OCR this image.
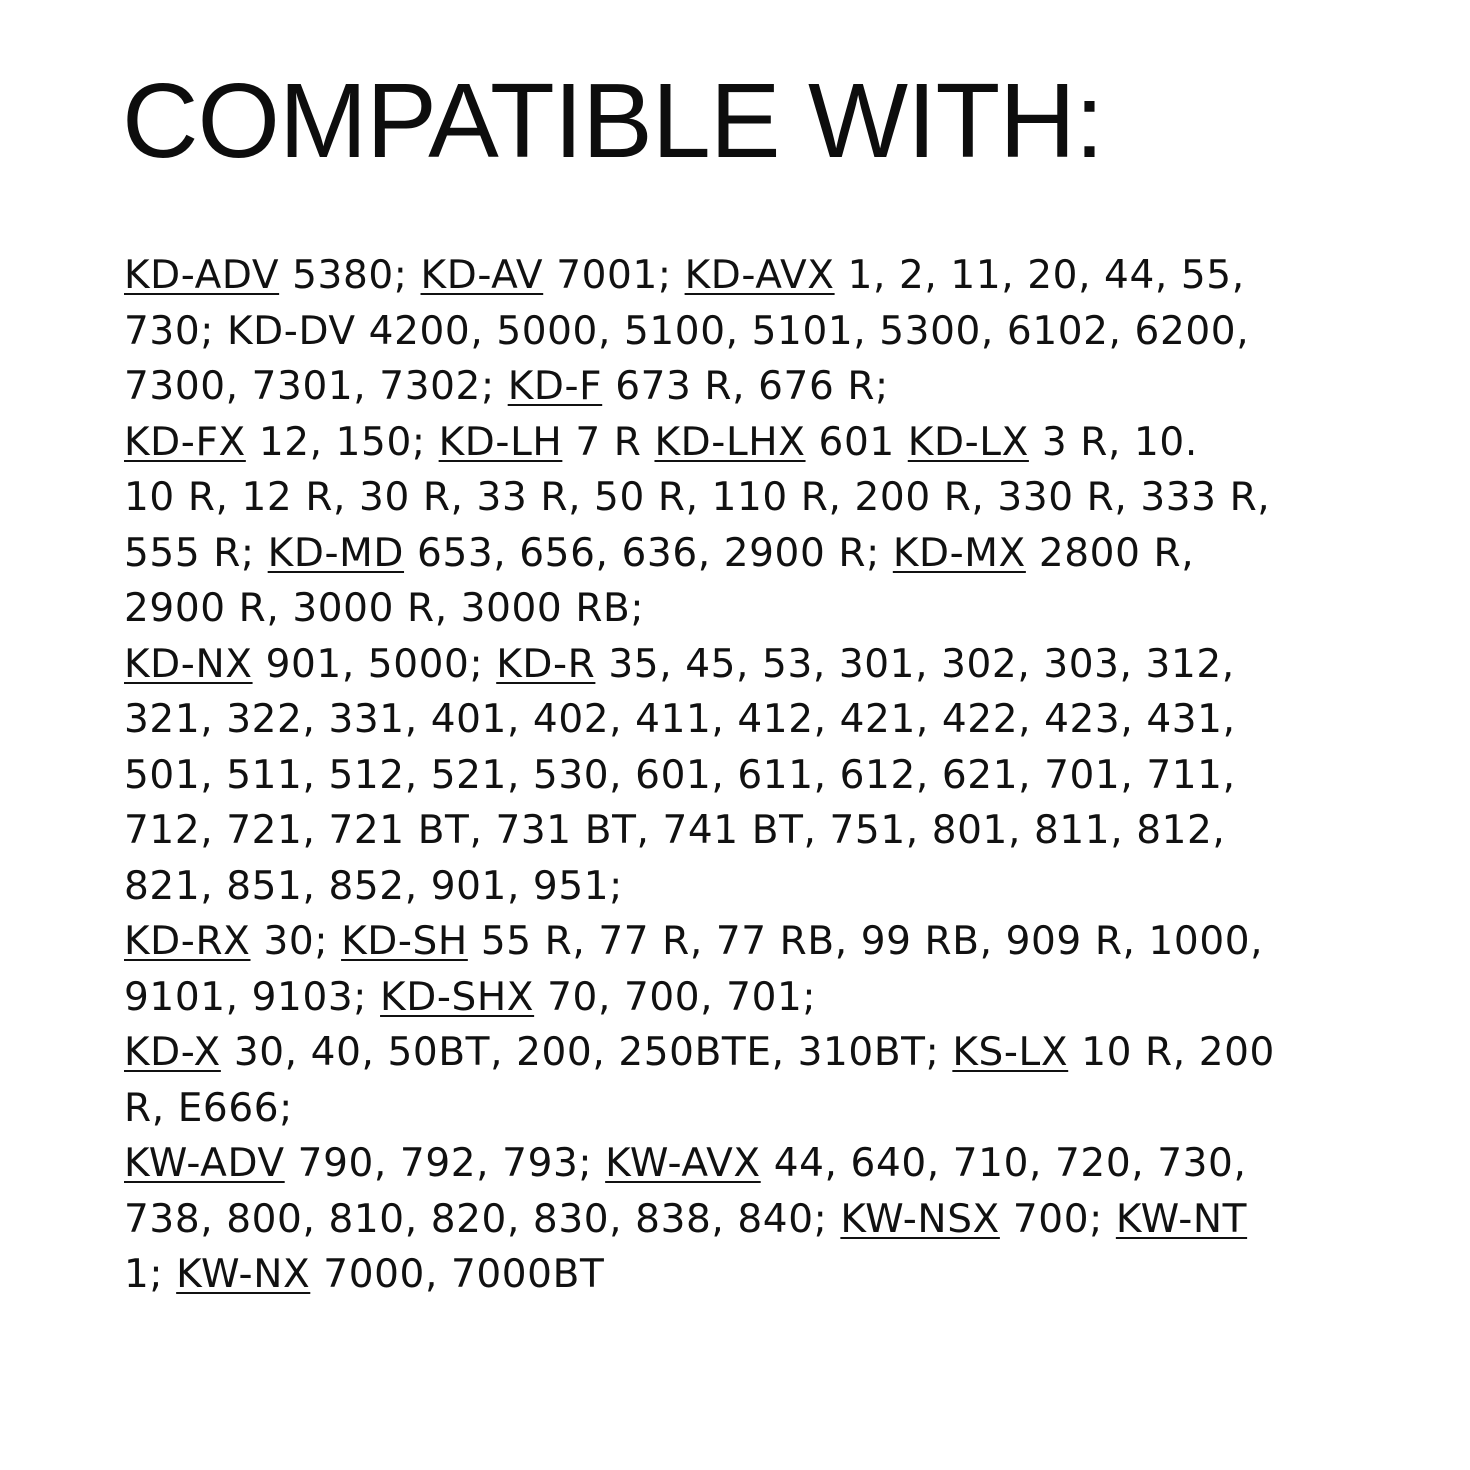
COMPATIBLE WITH:
KD-ADV 5380; KD-AV 7001; KD-AVX 1, 2, 11, 20, 44, 55,
730; KD-DV 4200, 5000, 5100, 5101, 5300, 6102, 6200,
7300, 7301, 7302; KD-F 673 R, 676 R;
KD-FX 12, 150; KD-LH 7 R KD-LHX 601 KD-LX 3 R, 10.
10 R, 12 R, 30 R, 33 R, 50 R, 110 R, 200 R, 330 R, 333 R,
555 R; KD-MD 653, 656, 636, 2900 R; KD-MX 2800 R,
2900 R, 3000 R, 3000 RB;
KD-NX 901, 5000; KD-R 35, 45, 53, 301, 302, 303, 312,
321, 322, 331, 401, 402, 411, 412, 421, 422, 423, 431,
501, 511, 512, 521, 530, 601, 611, 612, 621, 701, 711,
712, 721, 721 BT, 731 BT, 741 BT, 751, 801, 811, 812,
821, 851, 852, 901, 951;
KD-RX 30; KD-SH 55 R, 77 R, 77 RB, 99 RB, 909 R, 1000,
9101, 9103; KD-SHX 70, 700, 701;
KD-X 30, 40, 50BT, 200, 250BTE, 310BT; KS-LX 10 R, 200
R, E666;
KW-ADV 790, 792, 793; KW-AVX 44, 640, 710, 720, 730,
738, 800, 810, 820, 830, 838, 840; KW-NSX 700; KW-NT
1; KW-NX 7000, 7000BT
